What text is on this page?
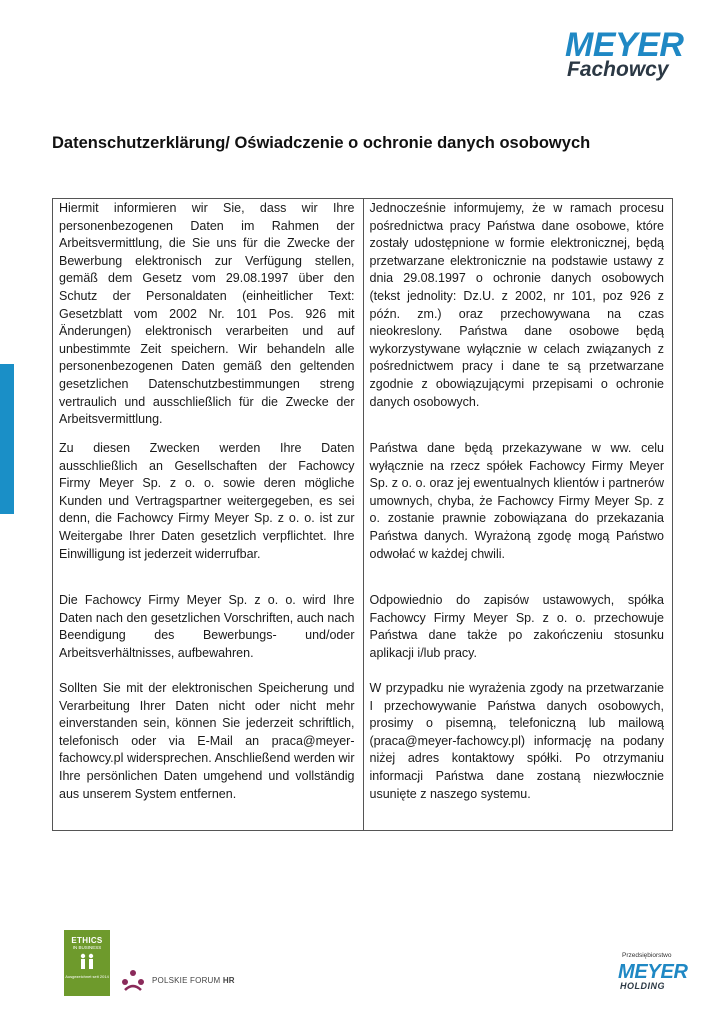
MEYER
Fachowcy
Datenschutzerklärung/ Oświadczenie o ochronie danych osobowych
Hiermit informieren wir Sie, dass wir Ihre personenbezogenen Daten im Rahmen der Arbeitsvermittlung, die Sie uns für die Zwecke der Bewerbung elektronisch zur Verfügung stellen, gemäß dem Gesetz vom 29.08.1997 über den Schutz der Personaldaten (einheitlicher Text: Gesetzblatt vom 2002 Nr. 101 Pos. 926 mit Änderungen) elektronisch verarbeiten und auf unbestimmte Zeit speichern. Wir behandeln alle personenbezogenen Daten gemäß den geltenden gesetzlichen Datenschutzbestimmungen streng vertraulich und ausschließlich für die Zwecke der Arbeitsvermittlung.
Zu diesen Zwecken werden Ihre Daten ausschließlich an Gesellschaften der Fachowcy Firmy Meyer Sp. z o. o. sowie deren mögliche Kunden und Vertragspartner weitergegeben, es sei denn, die Fachowcy Firmy Meyer Sp. z o. o. ist zur Weitergabe Ihrer Daten gesetzlich verpflichtet. Ihre Einwilligung ist jederzeit widerrufbar.
Die Fachowcy Firmy Meyer Sp. z o. o. wird Ihre Daten nach den gesetzlichen Vorschriften, auch nach Beendigung des Bewerbungs- und/oder Arbeitsverhältnisses, aufbewahren.
Sollten Sie mit der elektronischen Speicherung und Verarbeitung Ihrer Daten nicht oder nicht mehr einverstanden sein, können Sie jederzeit schriftlich, telefonisch oder via E-Mail an praca@meyer-fachowcy.pl widersprechen. Anschließend werden wir Ihre persönlichen Daten umgehend und vollständig aus unserem System entfernen.
Jednocześnie informujemy, że w ramach procesu pośrednictwa pracy Państwa dane osobowe, które zostały udostępnione w formie elektronicznej, będą przetwarzane elektronicznie na podstawie ustawy z dnia 29.08.1997 o ochronie danych osobowych (tekst jednolity: Dz.U. z 2002, nr 101, poz 926 z późn. zm.) oraz przechowywana na czas nieokreslony. Państwa dane osobowe będą wykorzystywane wyłącznie w celach związanych z pośrednictwem pracy i dane te są przetwarzane zgodnie z obowiązującymi przepisami o ochronie danych osobowych.
Państwa dane będą przekazywane w ww. celu wyłącznie na rzecz spółek Fachowcy Firmy Meyer Sp. z o. o. oraz jej ewentualnych klientów i partnerów umownych, chyba, że Fachowcy Firmy Meyer Sp. z o. zostanie prawnie zobowiązana do przekazania Państwa danych. Wyrażoną zgodę mogą Państwo odwołać w każdej chwili.
Odpowiednio do zapisów ustawowych, spółka Fachowcy Firmy Meyer Sp. z o. o. przechowuje Państwa dane także po zakończeniu stosunku aplikacji i/lub pracy.
W przypadku nie wyrażenia zgody na przetwarzanie I przechowywanie Państwa danych osobowych, prosimy o pisemną, telefoniczną lub mailową (praca@meyer-fachowcy.pl) informację na podany niżej adres kontaktowy spółki. Po otrzymaniu informacji Państwa dane zostaną niezwłocznie usunięte z naszego systemu.
ETHICS
IN BUSINESS
Ausgezeichnet seit 2014	POLSKIE FORUM HR
Przedsiębiorstwo
MEYER
HOLDING
